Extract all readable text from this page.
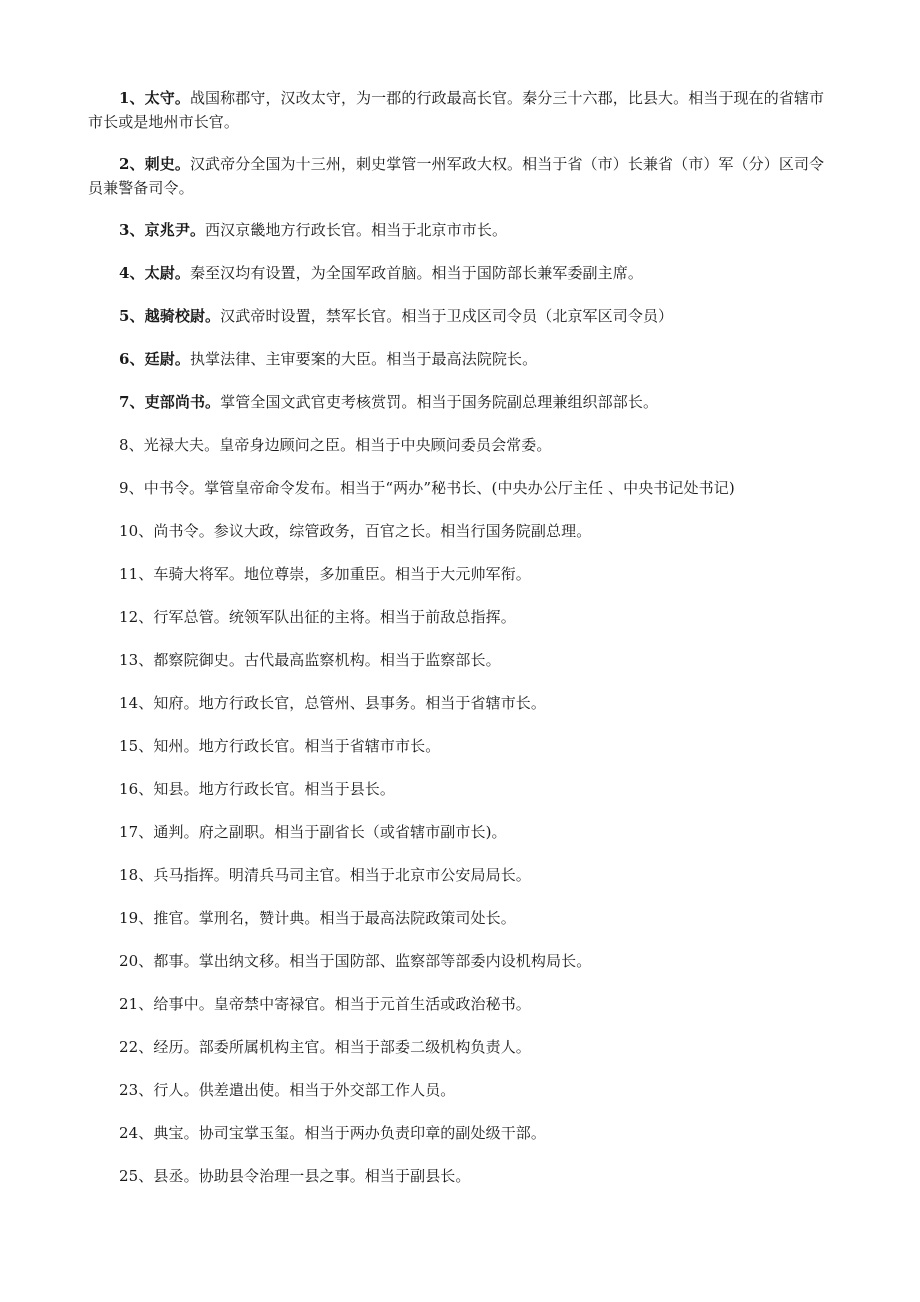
1、太守。战国称郡守，汉改太守，为一郡的行政最高长官。秦分三十六郡，比县大。相当于现在的省辖市市长或是地州市长官。
2、刺史。汉武帝分全国为十三州，刺史掌管一州军政大权。相当于省（市）长兼省（市）军（分）区司令员兼警备司令。
3、京兆尹。西汉京畿地方行政长官。相当于北京市市长。
4、太尉。秦至汉均有设置，为全国军政首脑。相当于国防部长兼军委副主席。
5、越骑校尉。汉武帝时设置，禁军长官。相当于卫戍区司令员（北京军区司令员）
6、廷尉。执掌法律、主审要案的大臣。相当于最高法院院长。
7、吏部尚书。掌管全国文武官吏考核赏罚。相当于国务院副总理兼组织部部长。
8、光禄大夫。皇帝身边顾问之臣。相当于中央顾问委员会常委。
9、中书令。掌管皇帝命令发布。相当于“两办”秘书长、(中央办公厅主任 、中央书记处书记)
10、尚书令。参议大政，综管政务，百官之长。相当行国务院副总理。
11、车骑大将军。地位尊崇，多加重臣。相当于大元帅军衔。
12、行军总管。统领军队出征的主将。相当于前敌总指挥。
13、都察院御史。古代最高监察机构。相当于监察部长。
14、知府。地方行政长官，总管州、县事务。相当于省辖市长。
15、知州。地方行政长官。相当于省辖市市长。
16、知县。地方行政长官。相当于县长。
17、通判。府之副职。相当于副省长（或省辖市副市长)。
18、兵马指挥。明清兵马司主官。相当于北京市公安局局长。
19、推官。掌刑名，赞计典。相当于最高法院政策司处长。
20、都事。掌出纳文移。相当于国防部、监察部等部委内设机构局长。
21、给事中。皇帝禁中寄禄官。相当于元首生活或政治秘书。
22、经历。部委所属机构主官。相当于部委二级机构负责人。
23、行人。供差遣出使。相当于外交部工作人员。
24、典宝。协司宝掌玉玺。相当于两办负责印章的副处级干部。
25、县丞。协助县令治理一县之事。相当于副县长。
